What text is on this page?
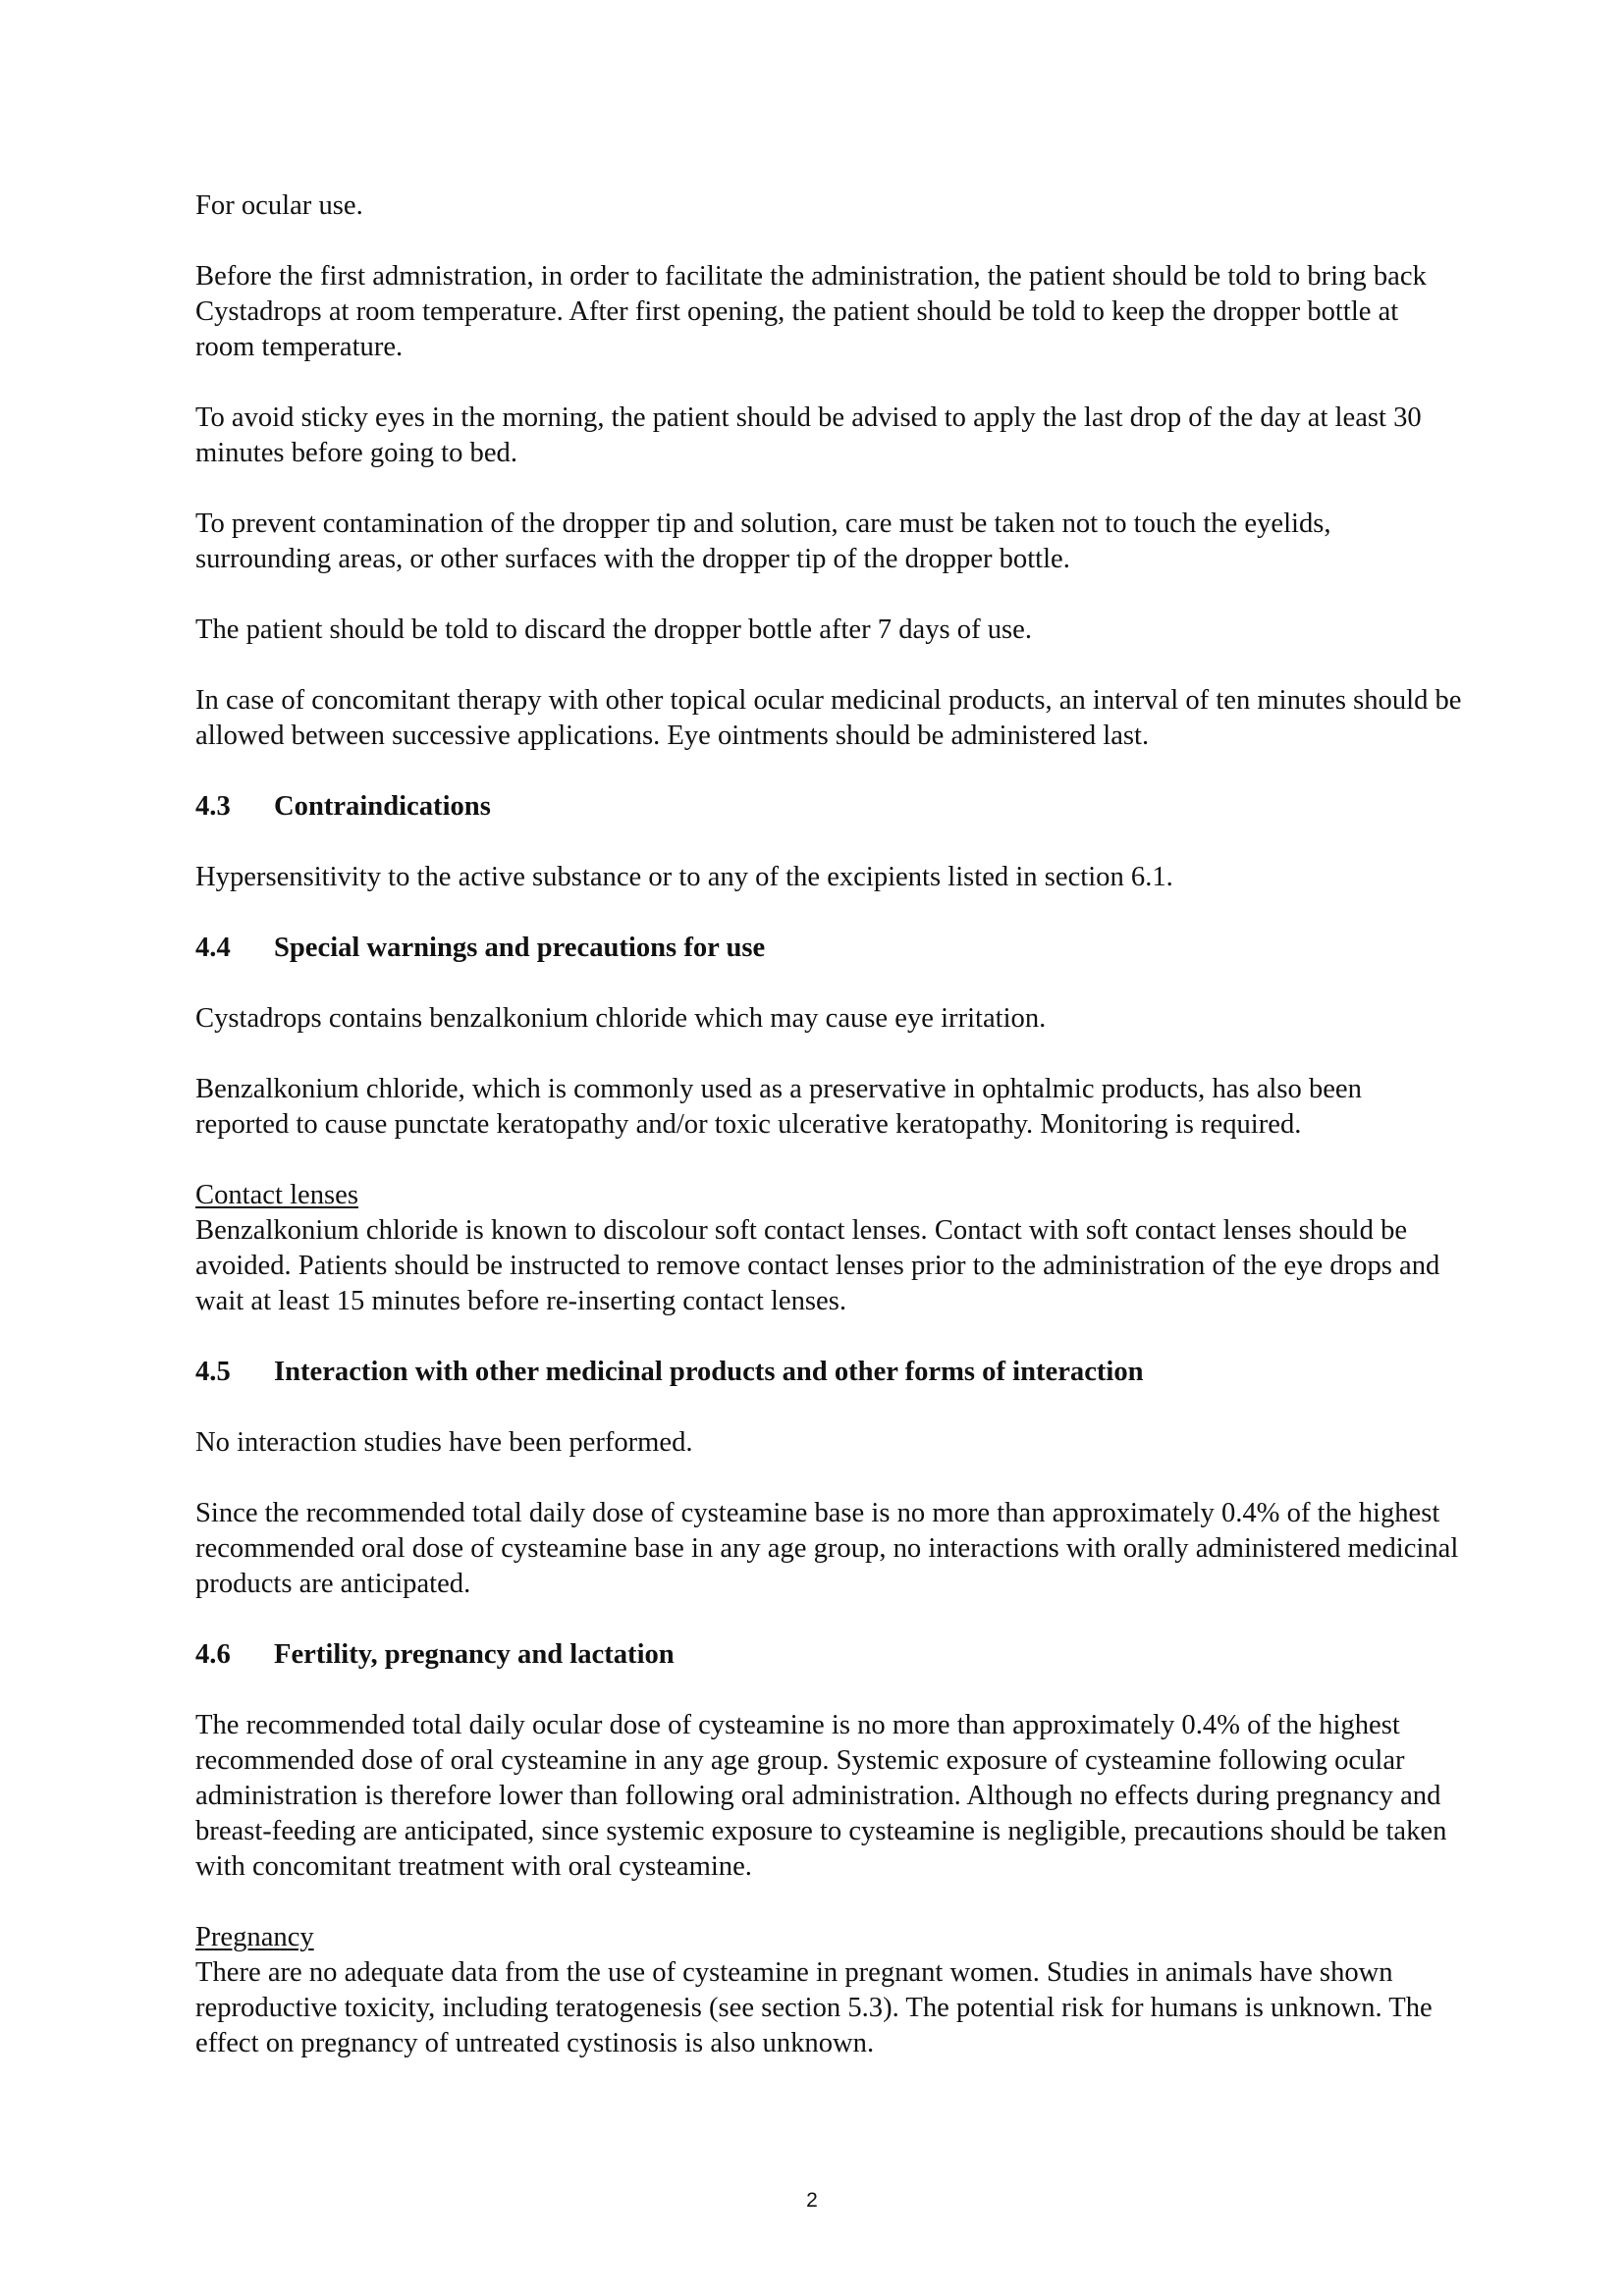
For ocular use.

Before the first admnistration, in order to facilitate the administration, the patient should be told to bring back Cystadrops at room temperature. After first opening, the patient should be told to keep the dropper bottle at room temperature.

To avoid sticky eyes in the morning, the patient should be advised to apply the last drop of the day at least 30 minutes before going to bed.

To prevent contamination of the dropper tip and solution, care must be taken not to touch the eyelids, surrounding areas, or other surfaces with the dropper tip of the dropper bottle.

The patient should be told to discard the dropper bottle after 7 days of use.

In case of concomitant therapy with other topical ocular medicinal products, an interval of ten minutes should be allowed between successive applications. Eye ointments should be administered last.

4.3	Contraindications

Hypersensitivity to the active substance or to any of the excipients listed in section 6.1.

4.4	Special warnings and precautions for use

Cystadrops contains benzalkonium chloride which may cause eye irritation.

Benzalkonium chloride, which is commonly used as a preservative in ophtalmic products, has also been reported to cause punctate keratopathy and/or toxic ulcerative keratopathy. Monitoring is required.

Contact lenses

Benzalkonium chloride is known to discolour soft contact lenses. Contact with soft contact lenses should be avoided. Patients should be instructed to remove contact lenses prior to the administration of the eye drops and wait at least 15 minutes before re-inserting contact lenses.

4.5	Interaction with other medicinal products and other forms of interaction

No interaction studies have been performed.

Since the recommended total daily dose of cysteamine base is no more than approximately 0.4% of the highest recommended oral dose of cysteamine base in any age group, no interactions with orally administered medicinal products are anticipated.

4.6	Fertility, pregnancy and lactation

The recommended total daily ocular dose of cysteamine is no more than approximately 0.4% of the highest recommended dose of oral cysteamine in any age group. Systemic exposure of cysteamine following ocular administration is therefore lower than following oral administration. Although no effects during pregnancy and breast-feeding are anticipated, since systemic exposure to cysteamine is negligible, precautions should be taken with concomitant treatment with oral cysteamine.

Pregnancy

There are no adequate data from the use of cysteamine in pregnant women. Studies in animals have shown reproductive toxicity, including teratogenesis (see section 5.3). The potential risk for humans is unknown. The effect on pregnancy of untreated cystinosis is also unknown.

2
